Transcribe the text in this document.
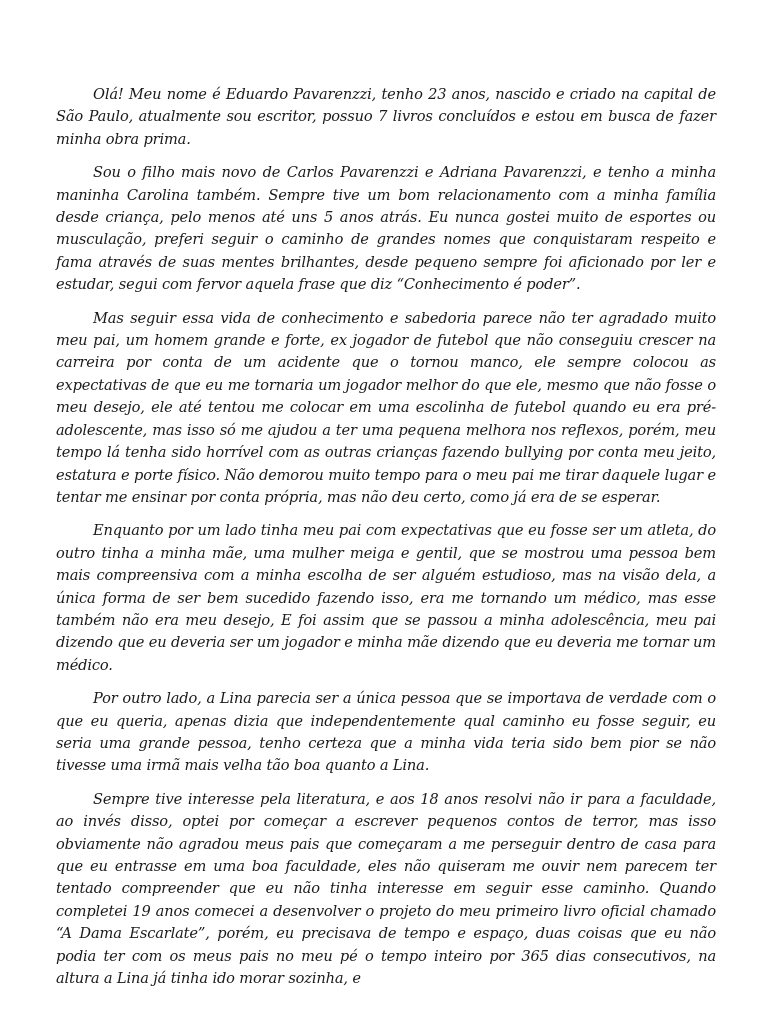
Olá! Meu nome é Eduardo Pavarenzzi, tenho 23 anos, nascido e criado na capital de São Paulo, atualmente sou escritor, possuo 7 livros concluídos e estou em busca de fazer minha obra prima.

Sou o filho mais novo de Carlos Pavarenzzi e Adriana Pavarenzzi, e tenho a minha maninha Carolina também. Sempre tive um bom relacionamento com a minha família desde criança, pelo menos até uns 5 anos atrás. Eu nunca gostei muito de esportes ou musculação, preferi seguir o caminho de grandes nomes que conquistaram respeito e fama através de suas mentes brilhantes, desde pequeno sempre foi aficionado por ler e estudar, segui com fervor aquela frase que diz “Conhecimento é poder”.

Mas seguir essa vida de conhecimento e sabedoria parece não ter agradado muito meu pai, um homem grande e forte, ex jogador de futebol que não conseguiu crescer na carreira por conta de um acidente que o tornou manco, ele sempre colocou as expectativas de que eu me tornaria um jogador melhor do que ele, mesmo que não fosse o meu desejo, ele até tentou me colocar em uma escolinha de futebol quando eu era pré-adolescente, mas isso só me ajudou a ter uma pequena melhora nos reflexos, porém, meu tempo lá tenha sido horrível com as outras crianças fazendo bullying por conta meu jeito, estatura e porte físico. Não demorou muito tempo para o meu pai me tirar daquele lugar e tentar me ensinar por conta própria, mas não deu certo, como já era de se esperar.

Enquanto por um lado tinha meu pai com expectativas que eu fosse ser um atleta, do outro tinha a minha mãe, uma mulher meiga e gentil, que se mostrou uma pessoa bem mais compreensiva com a minha escolha de ser alguém estudioso, mas na visão dela, a única forma de ser bem sucedido fazendo isso, era me tornando um médico, mas esse também não era meu desejo, E foi assim que se passou a minha adolescência, meu pai dizendo que eu deveria ser um jogador e minha mãe dizendo que eu deveria me tornar um médico.

Por outro lado, a Lina parecia ser a única pessoa que se importava de verdade com o que eu queria, apenas dizia que independentemente qual caminho eu fosse seguir, eu seria uma grande pessoa, tenho certeza que a minha vida teria sido bem pior se não tivesse uma irmã mais velha tão boa quanto a Lina.

Sempre tive interesse pela literatura, e aos 18 anos resolvi não ir para a faculdade, ao invés disso, optei por começar a escrever pequenos contos de terror, mas isso obviamente não agradou meus pais que começaram a me perseguir dentro de casa para que eu entrasse em uma boa faculdade, eles não quiseram me ouvir nem parecem ter tentado compreender que eu não tinha interesse em seguir esse caminho. Quando completei 19 anos comecei a desenvolver o projeto do meu primeiro livro oficial chamado “A Dama Escarlate”, porém, eu precisava de tempo e espaço, duas coisas que eu não podia ter com os meus pais no meu pé o tempo inteiro por 365 dias consecutivos, na altura a Lina já tinha ido morar sozinha, e
